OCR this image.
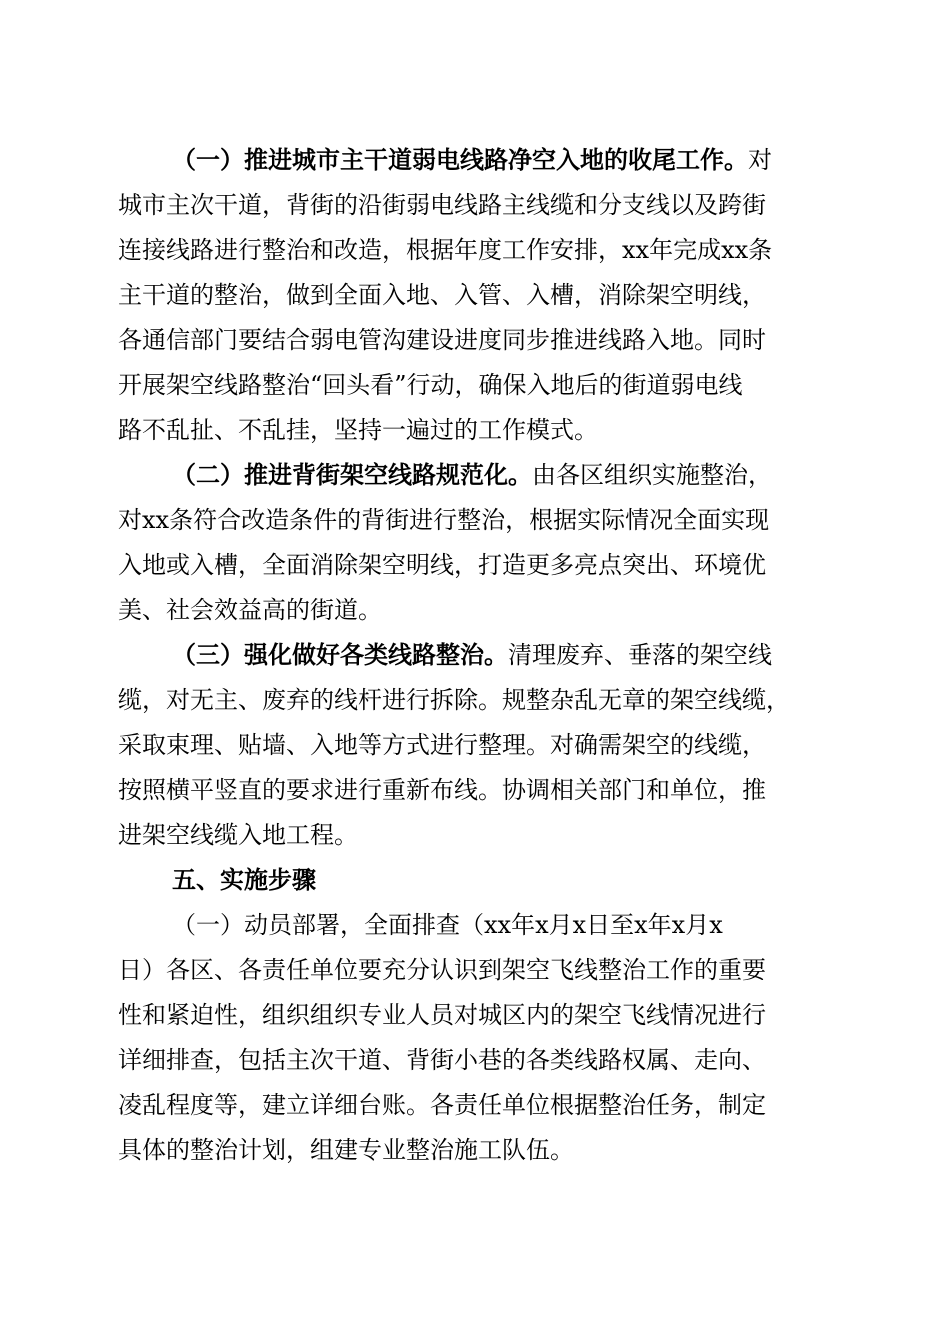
（一）推进城市主干道弱电线路净空入地的收尾工作。对
城市主次干道，背街的沿街弱电线路主线缆和分支线以及跨街
连接线路进行整治和改造，根据年度工作安排，xx年完成xx条
主干道的整治，做到全面入地、入管、入槽，消除架空明线，
各通信部门要结合弱电管沟建设进度同步推进线路入地。同时
开展架空线路整治“回头看”行动，确保入地后的街道弱电线
路不乱扯、不乱挂，坚持一遍过的工作模式。
（二）推进背街架空线路规范化。由各区组织实施整治，
对xx条符合改造条件的背街进行整治，根据实际情况全面实现
入地或入槽，全面消除架空明线，打造更多亮点突出、环境优
美、社会效益高的街道。
（三）强化做好各类线路整治。清理废弃、垂落的架空线
缆，对无主、废弃的线杆进行拆除。规整杂乱无章的架空线缆，
采取束理、贴墙、入地等方式进行整理。对确需架空的线缆，
按照横平竖直的要求进行重新布线。协调相关部门和单位，推
进架空线缆入地工程。
五、实施步骤
（一）动员部署，全面排查（xx年x月x日至x年x月x
日）各区、各责任单位要充分认识到架空飞线整治工作的重要
性和紧迫性，组织组织专业人员对城区内的架空飞线情况进行
详细排查，包括主次干道、背街小巷的各类线路权属、走向、
凌乱程度等，建立详细台账。各责任单位根据整治任务，制定
具体的整治计划，组建专业整治施工队伍。
